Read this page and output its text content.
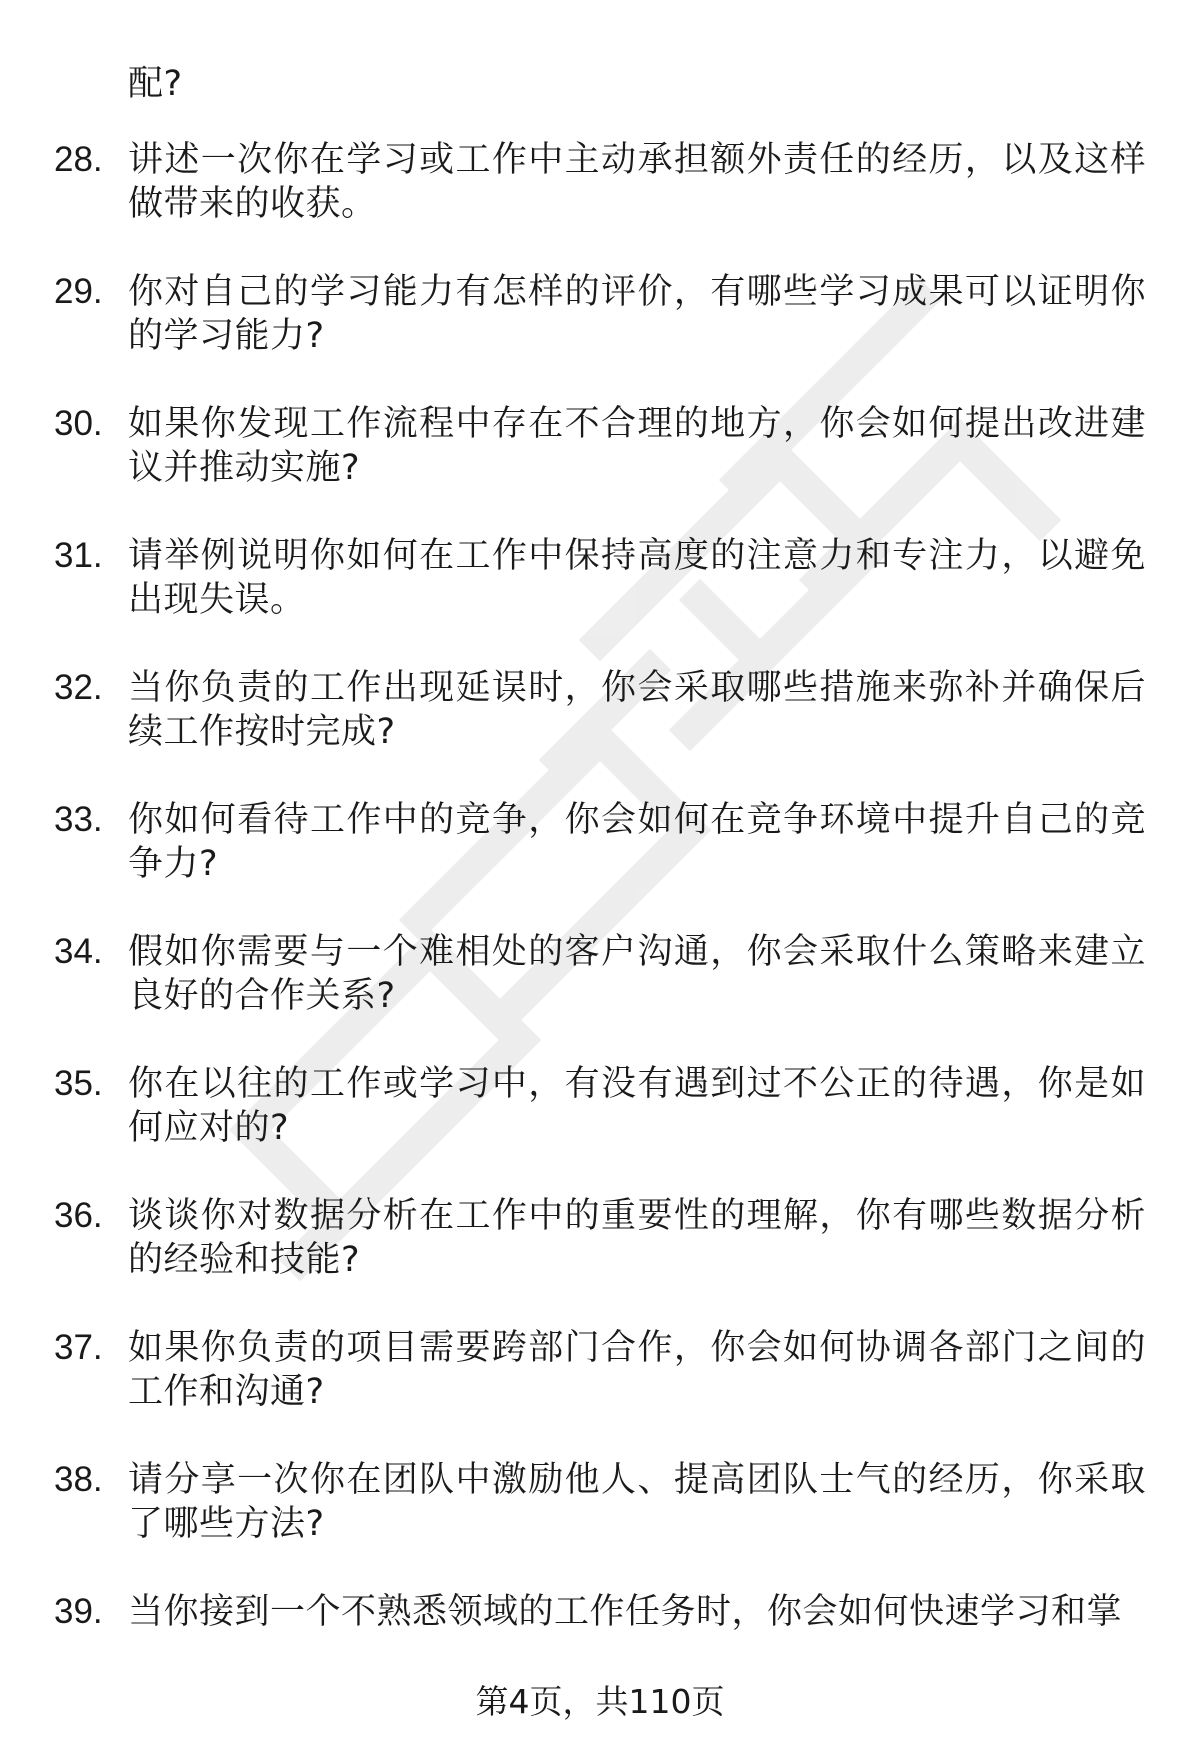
配?
28. 讲述一次你在学习或工作中主动承担额外责任的经历，以及这样做带来的收获。
29. 你对自己的学习能力有怎样的评价，有哪些学习成果可以证明你的学习能力?
30. 如果你发现工作流程中存在不合理的地方，你会如何提出改进建议并推动实施?
31. 请举例说明你如何在工作中保持高度的注意力和专注力，以避免出现失误。
32. 当你负责的工作出现延误时，你会采取哪些措施来弥补并确保后续工作按时完成?
33. 你如何看待工作中的竞争，你会如何在竞争环境中提升自己的竞争力?
34. 假如你需要与一个难相处的客户沟通，你会采取什么策略来建立良好的合作关系?
35. 你在以往的工作或学习中，有没有遇到过不公正的待遇，你是如何应对的?
36. 谈谈你对数据分析在工作中的重要性的理解，你有哪些数据分析的经验和技能?
37. 如果你负责的项目需要跨部门合作，你会如何协调各部门之间的工作和沟通?
38. 请分享一次你在团队中激励他人、提高团队士气的经历，你采取了哪些方法?
39. 当你接到一个不熟悉领域的工作任务时，你会如何快速学习和掌
第4页，共110页
